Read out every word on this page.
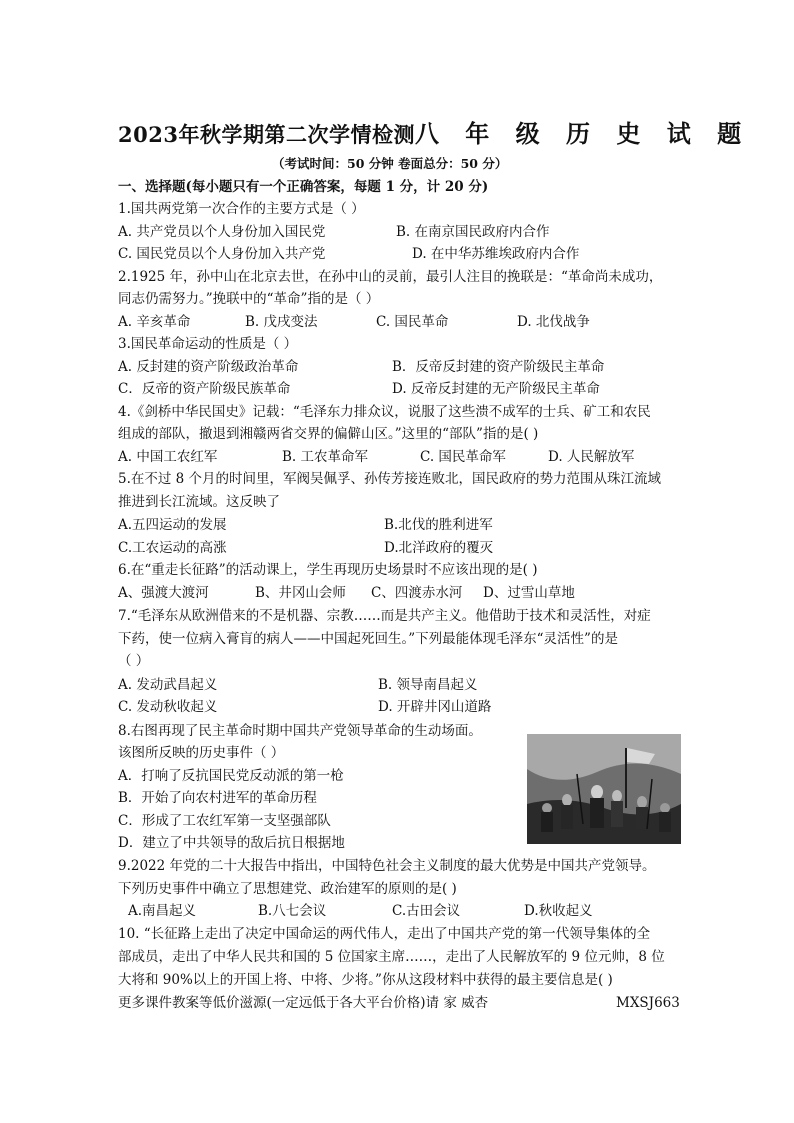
2023年秋学期第二次学情检测八 年 级 历 史 试 题
（考试时间：50 分钟 卷面总分：50 分）
一、选择题(每小题只有一个正确答案，每题 1 分，计 20 分)
1.国共两党第一次合作的主要方式是（ ）
A. 共产党员以个人身份加入国民党	B. 在南京国民政府内合作
C. 国民党员以个人身份加入共产党	D. 在中华苏维埃政府内合作
2.1925 年，孙中山在北京去世，在孙中山的灵前，最引人注目的挽联是：“革命尚未成功，
同志仍需努力。”挽联中的“革命”指的是（ ）
A. 辛亥革命	B. 戊戌变法	C. 国民革命	D. 北伐战争
3.国民革命运动的性质是（ ）
A. 反封建的资产阶级政治革命	B．反帝反封建的资产阶级民主革命
C．反帝的资产阶级民族革命	D. 反帝反封建的无产阶级民主革命
4.《剑桥中华民国史》记载：“毛泽东力排众议，说服了这些溃不成军的士兵、矿工和农民
组成的部队，撤退到湘赣两省交界的偏僻山区。”这里的“部队”指的是( )
A. 中国工农红军	B. 工农革命军	C. 国民革命军	D. 人民解放军
5.在不过 8 个月的时间里，军阀吴佩孚、孙传芳接连败北，国民政府的势力范围从珠江流域
推进到长江流域。这反映了
A.五四运动的发展	B.北伐的胜利进军
C.工农运动的高涨	D.北洋政府的覆灭
6.在“重走长征路”的活动课上，学生再现历史场景时不应该出现的是( )
A、强渡大渡河	B、井冈山会师 C、四渡赤水河 D、过雪山草地
7.“毛泽东从欧洲借来的不是机器、宗教……而是共产主义。他借助于技术和灵活性，对症
下药，使一位病入膏肓的病人——中国起死回生。”下列最能体现毛泽东“灵活性”的是
（ ）
A. 发动武昌起义	B. 领导南昌起义
C. 发动秋收起义	D. 开辟井冈山道路
8.右图再现了民主革命时期中国共产党领导革命的生动场面。
该图所反映的历史事件（ ）
A．打响了反抗国民党反动派的第一枪
B．开始了向农村进军的革命历程
C．形成了工农红军第一支坚强部队
D．建立了中共领导的敌后抗日根据地
9.2022 年党的二十大报告中指出，中国特色社会主义制度的最大优势是中国共产党领导。
下列历史事件中确立了思想建党、政治建军的原则的是( )
A.南昌起义	B.八七会议	C.古田会议	D.秋收起义
10. “长征路上走出了决定中国命运的两代伟人，走出了中国共产党的第一代领导集体的全
部成员，走出了中华人民共和国的 5 位国家主席……，走出了人民解放军的 9 位元帅，8 位
大将和 90%以上的开国上将、中将、少将。”你从这段材料中获得的最主要信息是( )
更多课件教案等低价滋源(一定远低于各大平台价格)请 家 威杏	MXSJ663
